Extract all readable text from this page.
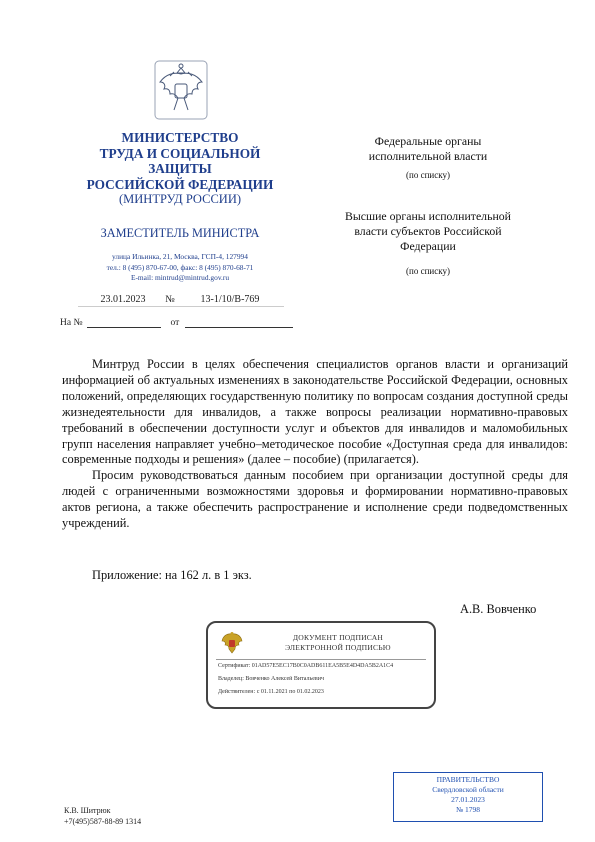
МИНИСТЕРСТВО
ТРУДА И СОЦИАЛЬНОЙ
ЗАЩИТЫ
РОССИЙСКОЙ ФЕДЕРАЦИИ
(МИНТРУД РОССИИ)
ЗАМЕСТИТЕЛЬ МИНИСТРА
улица Ильинка, 21, Москва, ГСП-4, 127994
тел.: 8 (495) 870-67-00, факс: 8 (495) 870-68-71
E-mail: mintrud@mintrud.gov.ru
23.01.2023	№	13-1/10/В-769
На №	от
Федеральные органы
исполнительной власти
(по списку)
Высшие органы исполнительной
власти субъектов Российской
Федерации
(по списку)

Минтруд России в целях обеспечения специалистов органов власти и организаций информацией об актуальных изменениях в законодательстве Российской Федерации, основных положений, определяющих государственную политику по вопросам создания доступной среды жизнедеятельности для инвалидов, а также вопросы реализации нормативно-правовых требований в обеспечении доступности услуг и объектов для инвалидов и маломобильных групп населения направляет учебно–методическое пособие «Доступная среда для инвалидов: современные подходы и решения» (далее – пособие) (прилагается).

Просим руководствоваться данным пособием при организации доступной среды для людей с ограниченными возможностями здоровья и формировании нормативно-правовых актов региона, а также обеспечить распространение и исполнение среди подведомственных учреждений.

Приложение: на 162 л. в 1 экз.
А.В. Вовченко
ДОКУМЕНТ ПОДПИСАН
ЭЛЕКТРОННОЙ ПОДПИСЬЮ
Сертификат: 01AD57E5EC17B0C0ADB611EA5B5E4D4DA5B2A1C4
Владелец: Вовченко Алексей Витальевич
Действителен: с 01.11.2021 по 01.02.2023
ПРАВИТЕЛЬСТВО
Свердловской области
27.01.2023
№ 1798
К.В. Шитрюк
+7(495)587-88-89 1314
